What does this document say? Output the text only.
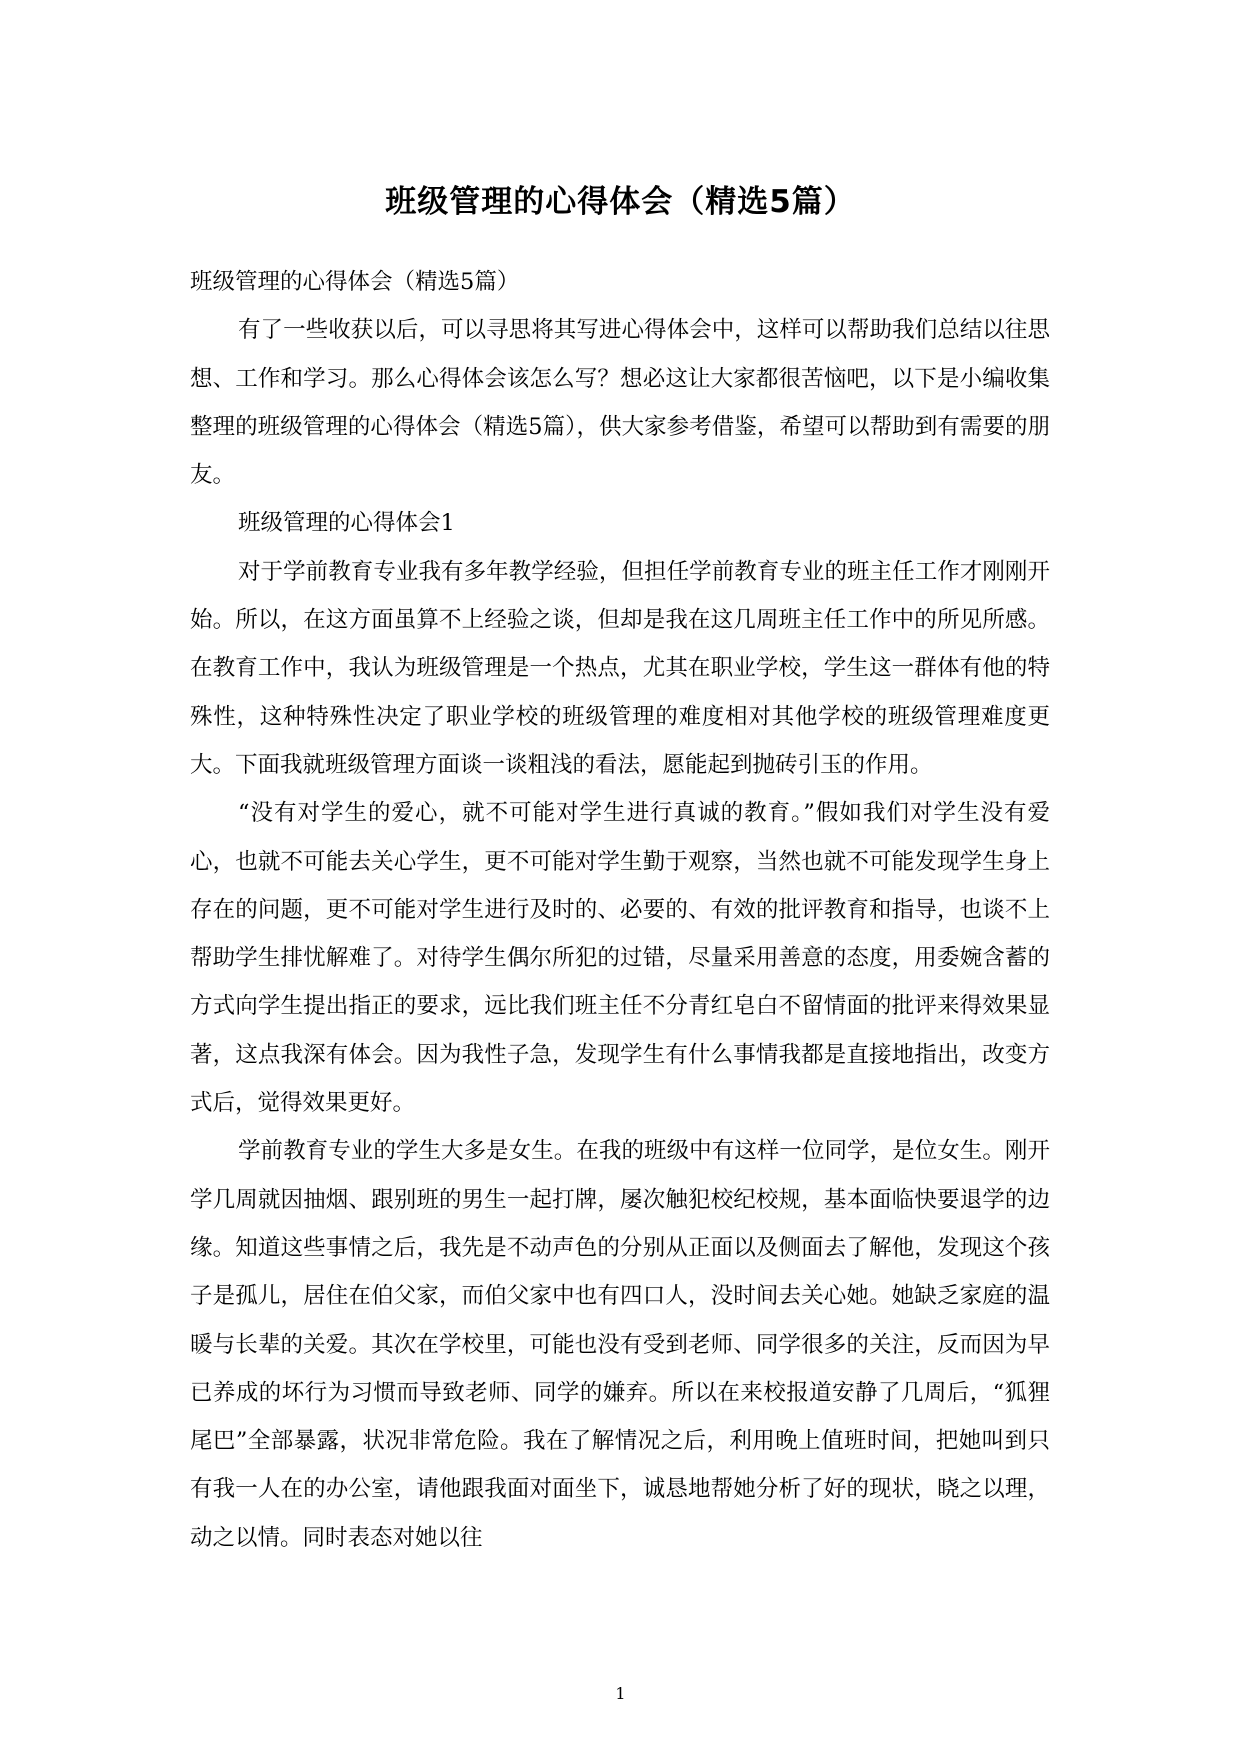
班级管理的心得体会（精选5篇）

班级管理的心得体会（精选5篇）

有了一些收获以后，可以寻思将其写进心得体会中，这样可以帮助我们总结以往思想、工作和学习。那么心得体会该怎么写？想必这让大家都很苦恼吧，以下是小编收集整理的班级管理的心得体会（精选5篇），供大家参考借鉴，希望可以帮助到有需要的朋友。

班级管理的心得体会1

对于学前教育专业我有多年教学经验，但担任学前教育专业的班主任工作才刚刚开始。所以，在这方面虽算不上经验之谈，但却是我在这几周班主任工作中的所见所感。在教育工作中，我认为班级管理是一个热点，尤其在职业学校，学生这一群体有他的特殊性，这种特殊性决定了职业学校的班级管理的难度相对其他学校的班级管理难度更大。下面我就班级管理方面谈一谈粗浅的看法，愿能起到抛砖引玉的作用。

“没有对学生的爱心，就不可能对学生进行真诚的教育。”假如我们对学生没有爱心，也就不可能去关心学生，更不可能对学生勤于观察，当然也就不可能发现学生身上存在的问题，更不可能对学生进行及时的、必要的、有效的批评教育和指导，也谈不上帮助学生排忧解难了。对待学生偶尔所犯的过错，尽量采用善意的态度，用委婉含蓄的方式向学生提出指正的要求，远比我们班主任不分青红皂白不留情面的批评来得效果显著，这点我深有体会。因为我性子急，发现学生有什么事情我都是直接地指出，改变方式后，觉得效果更好。

学前教育专业的学生大多是女生。在我的班级中有这样一位同学，是位女生。刚开学几周就因抽烟、跟别班的男生一起打牌，屡次触犯校纪校规，基本面临快要退学的边缘。知道这些事情之后，我先是不动声色的分别从正面以及侧面去了解他，发现这个孩子是孤儿，居住在伯父家，而伯父家中也有四口人，没时间去关心她。她缺乏家庭的温暖与长辈的关爱。其次在学校里，可能也没有受到老师、同学很多的关注，反而因为早已养成的坏行为习惯而导致老师、同学的嫌弃。所以在来校报道安静了几周后，“狐狸尾巴”全部暴露，状况非常危险。我在了解情况之后，利用晚上值班时间，把她叫到只有我一人在的办公室，请他跟我面对面坐下，诚恳地帮她分析了好的现状，晓之以理，动之以情。同时表态对她以往

1
